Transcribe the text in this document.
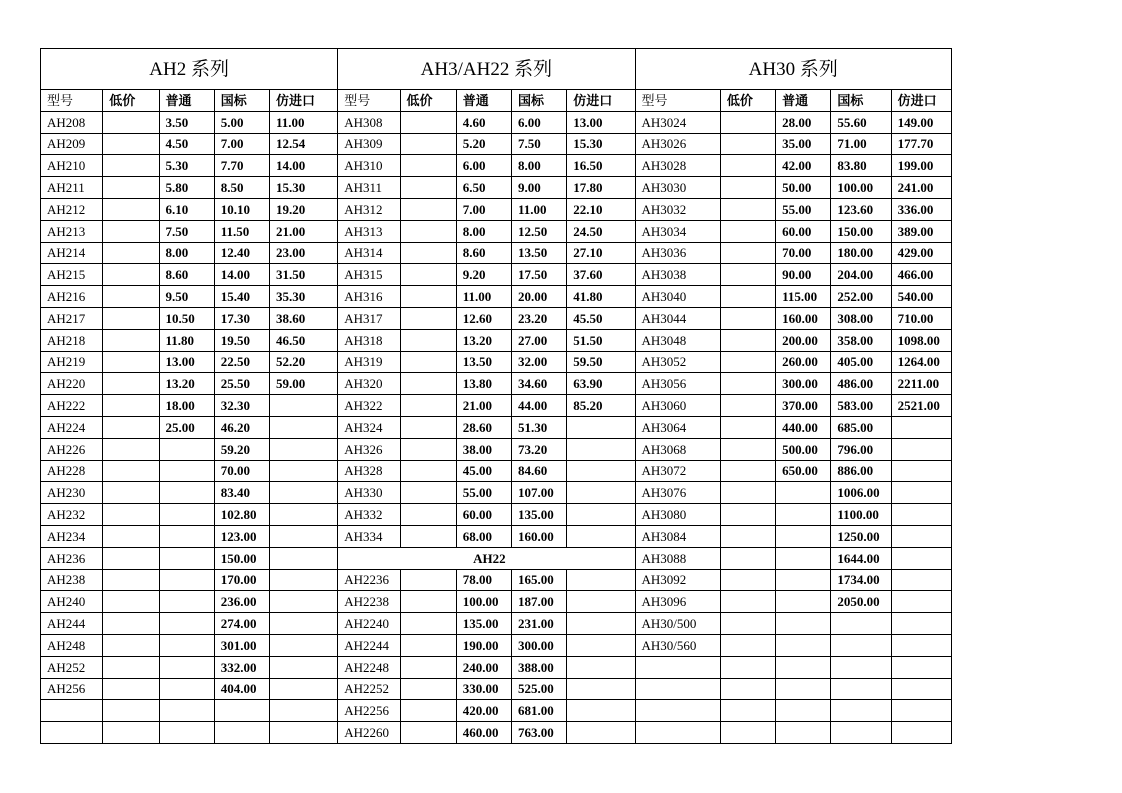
AH2 系列					AH3/AH22 系列					AH30 系列				
型号	低价	普通	国标	仿进口	型号	低价	普通	国标	仿进口	型号	低价	普通	国标	仿进口
AH208		3.50	5.00	11.00	AH308		4.60	6.00	13.00	AH3024		28.00	55.60	149.00
AH209		4.50	7.00	12.54	AH309		5.20	7.50	15.30	AH3026		35.00	71.00	177.70
AH210		5.30	7.70	14.00	AH310		6.00	8.00	16.50	AH3028		42.00	83.80	199.00
AH211		5.80	8.50	15.30	AH311		6.50	9.00	17.80	AH3030		50.00	100.00	241.00
AH212		6.10	10.10	19.20	AH312		7.00	11.00	22.10	AH3032		55.00	123.60	336.00
AH213		7.50	11.50	21.00	AH313		8.00	12.50	24.50	AH3034		60.00	150.00	389.00
AH214		8.00	12.40	23.00	AH314		8.60	13.50	27.10	AH3036		70.00	180.00	429.00
AH215		8.60	14.00	31.50	AH315		9.20	17.50	37.60	AH3038		90.00	204.00	466.00
AH216		9.50	15.40	35.30	AH316		11.00	20.00	41.80	AH3040		115.00	252.00	540.00
AH217		10.50	17.30	38.60	AH317		12.60	23.20	45.50	AH3044		160.00	308.00	710.00
AH218		11.80	19.50	46.50	AH318		13.20	27.00	51.50	AH3048		200.00	358.00	1098.00
AH219		13.00	22.50	52.20	AH319		13.50	32.00	59.50	AH3052		260.00	405.00	1264.00
AH220		13.20	25.50	59.00	AH320		13.80	34.60	63.90	AH3056		300.00	486.00	2211.00
AH222		18.00	32.30		AH322		21.00	44.00	85.20	AH3060		370.00	583.00	2521.00
AH224		25.00	46.20		AH324		28.60	51.30		AH3064		440.00	685.00	
AH226			59.20		AH326		38.00	73.20		AH3068		500.00	796.00	
AH228			70.00		AH328		45.00	84.60		AH3072		650.00	886.00	
AH230			83.40		AH330		55.00	107.00		AH3076			1006.00	
AH232			102.80		AH332		60.00	135.00		AH3080			1100.00	
AH234			123.00		AH334		68.00	160.00		AH3084			1250.00	
AH236			150.00		AH22					AH3088			1644.00	
AH238			170.00		AH2236		78.00	165.00		AH3092			1734.00	
AH240			236.00		AH2238		100.00	187.00		AH3096			2050.00	
AH244			274.00		AH2240		135.00	231.00		AH30/500				
AH248			301.00		AH2244		190.00	300.00		AH30/560				
AH252			332.00		AH2248		240.00	388.00						
AH256			404.00		AH2252		330.00	525.00						
					AH2256		420.00	681.00						
					AH2260		460.00	763.00						
